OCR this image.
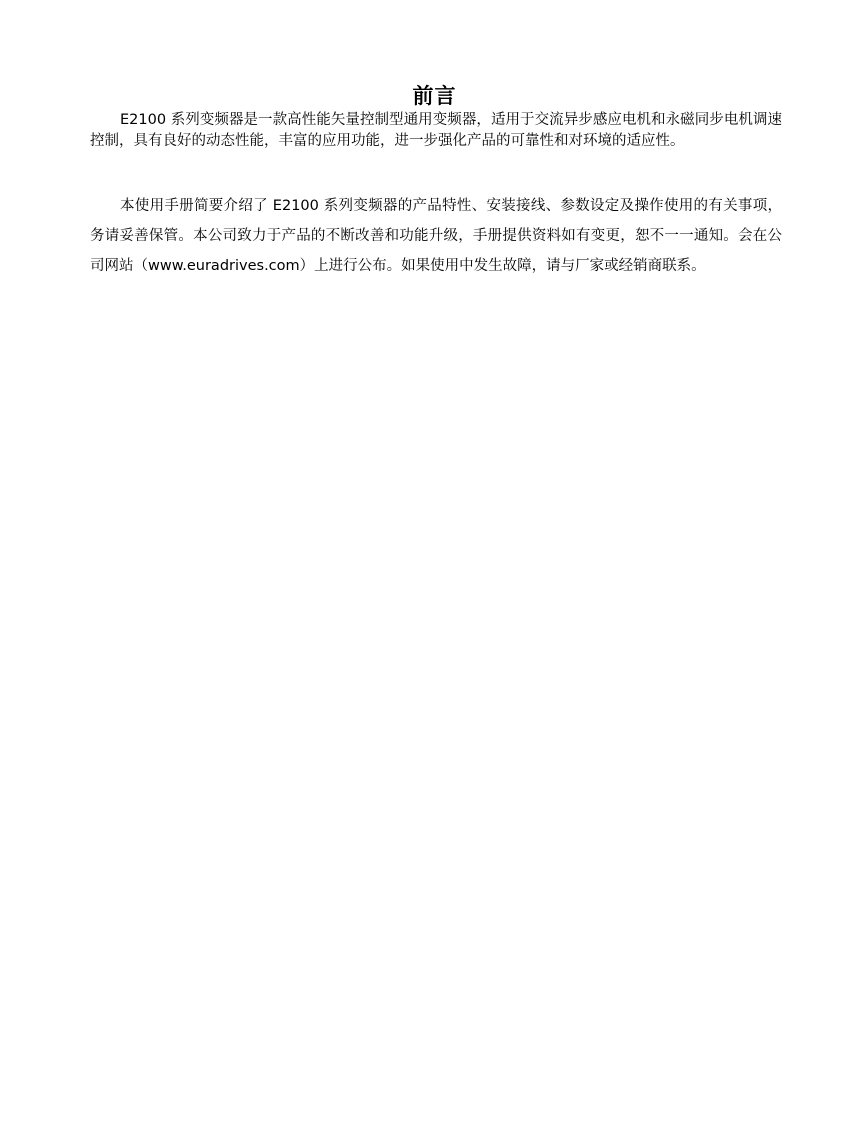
前言

E2100 系列变频器是一款高性能矢量控制型通用变频器，适用于交流异步感应电机和永磁同步电机调速控制，具有良好的动态性能，丰富的应用功能，进一步强化产品的可靠性和对环境的适应性。

本使用手册简要介绍了 E2100 系列变频器的产品特性、安装接线、参数设定及操作使用的有关事项，务请妥善保管。本公司致力于产品的不断改善和功能升级，手册提供资料如有变更，恕不一一通知。会在公司网站（www.euradrives.com）上进行公布。如果使用中发生故障，请与厂家或经销商联系。
